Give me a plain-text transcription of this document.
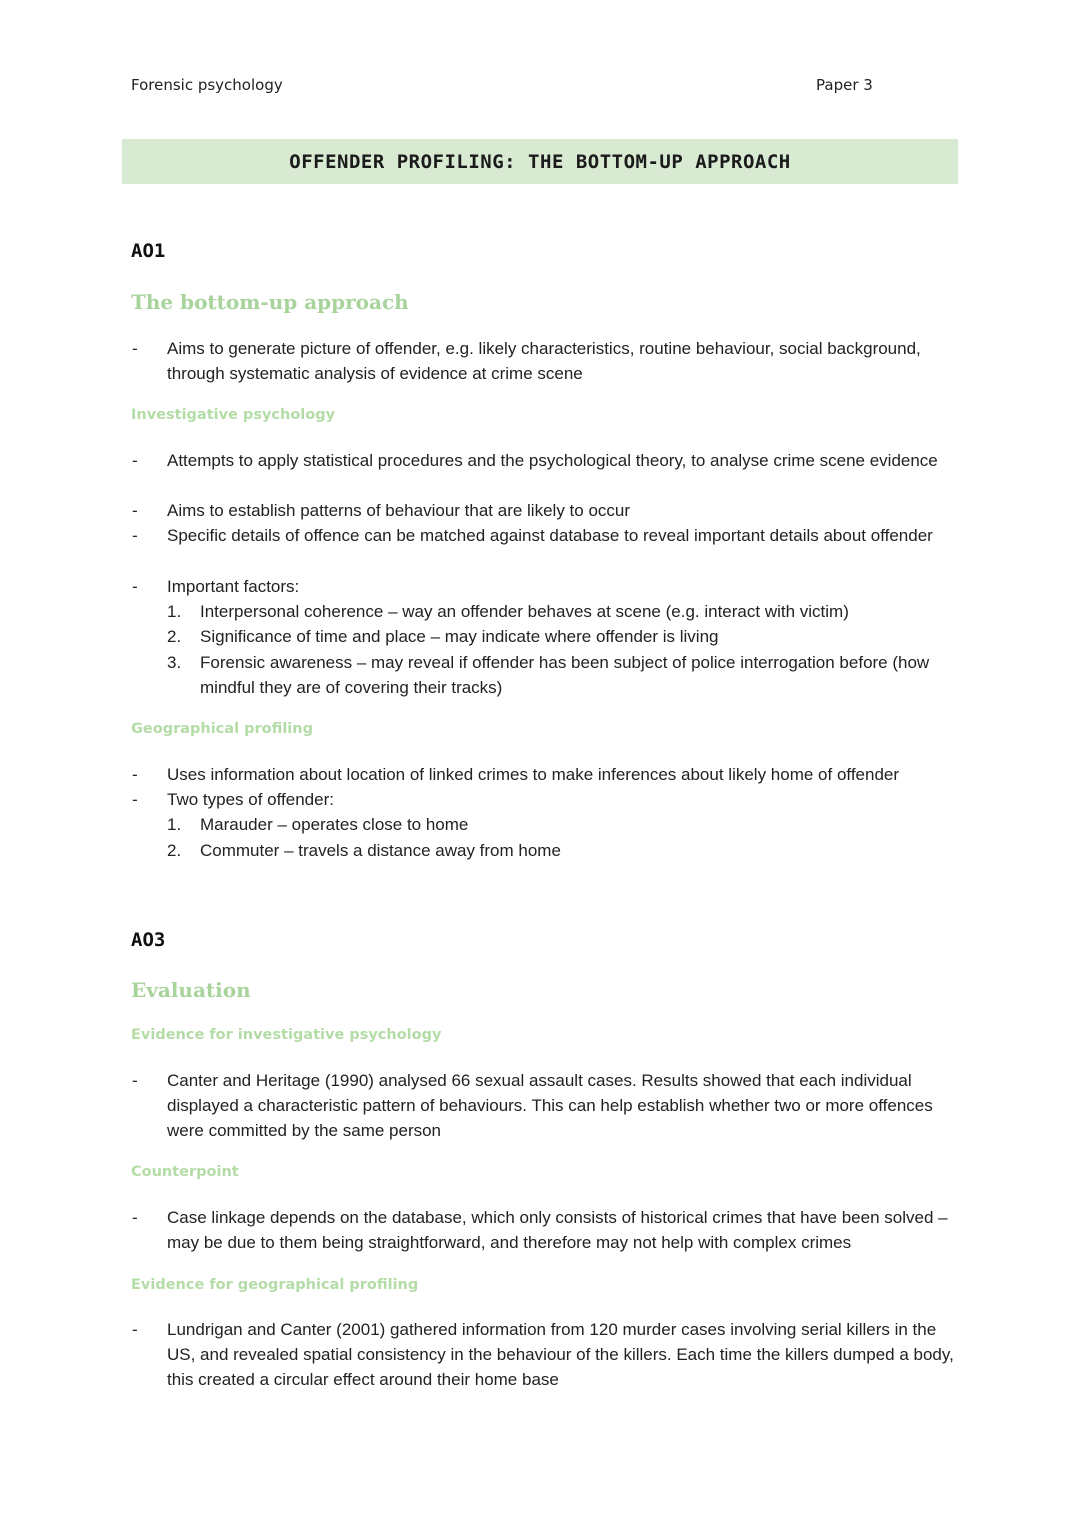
Forensic psychology	Paper 3
OFFENDER PROFILING: THE BOTTOM-UP APPROACH
AO1
The bottom-up approach
-	Aims to generate picture of offender, e.g. likely characteristics, routine behaviour, social background, through systematic analysis of evidence at crime scene
Investigative psychology
-	Attempts to apply statistical procedures and the psychological theory, to analyse crime scene evidence
-	Aims to establish patterns of behaviour that are likely to occur
-	Specific details of offence can be matched against database to reveal important details about offender
-	Important factors:
1.	Interpersonal coherence – way an offender behaves at scene (e.g. interact with victim)
2.	Significance of time and place – may indicate where offender is living
3.	Forensic awareness – may reveal if offender has been subject of police interrogation before (how mindful they are of covering their tracks)
Geographical profiling
-	Uses information about location of linked crimes to make inferences about likely home of offender
-	Two types of offender:
1.	Marauder – operates close to home
2.	Commuter – travels a distance away from home
AO3
Evaluation
Evidence for investigative psychology
-	Canter and Heritage (1990) analysed 66 sexual assault cases. Results showed that each individual displayed a characteristic pattern of behaviours. This can help establish whether two or more offences were committed by the same person
Counterpoint
-	Case linkage depends on the database, which only consists of historical crimes that have been solved – may be due to them being straightforward, and therefore may not help with complex crimes
Evidence for geographical profiling
-	Lundrigan and Canter (2001) gathered information from 120 murder cases involving serial killers in the US, and revealed spatial consistency in the behaviour of the killers. Each time the killers dumped a body, this created a circular effect around their home base
